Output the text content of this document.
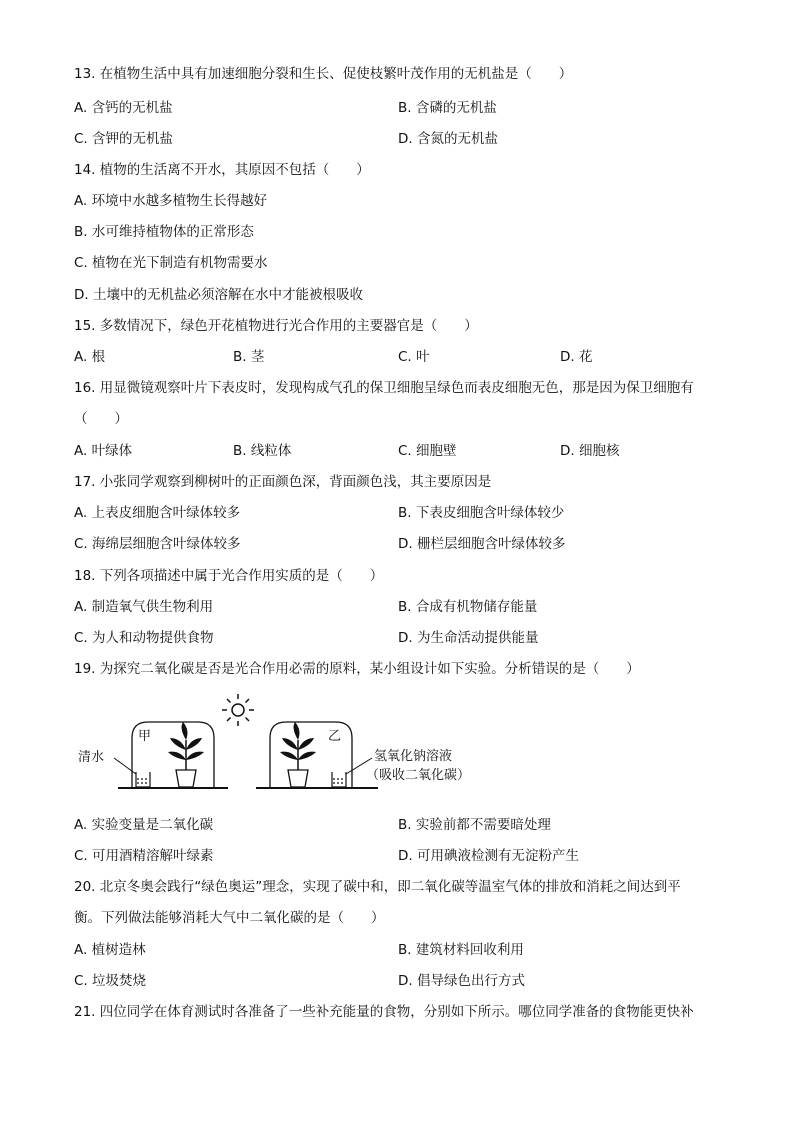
13. 在植物生活中具有加速细胞分裂和生长、促使枝繁叶茂作用的无机盐是（　　）
A. 含钙的无机盐	B. 含磷的无机盐
C. 含钾的无机盐	D. 含氮的无机盐
14. 植物的生活离不开水，其原因不包括（　　）
A. 环境中水越多植物生长得越好
B. 水可维持植物体的正常形态
C. 植物在光下制造有机物需要水
D. 土壤中的无机盐必须溶解在水中才能被根吸收
15. 多数情况下，绿色开花植物进行光合作用的主要器官是（　　）
A. 根	B. 茎	C. 叶	D. 花
16. 用显微镜观察叶片下表皮时，发现构成气孔的保卫细胞呈绿色而表皮细胞无色，那是因为保卫细胞有
（　　）
A. 叶绿体	B. 线粒体	C. 细胞壁	D. 细胞核
17. 小张同学观察到柳树叶的正面颜色深，背面颜色浅，其主要原因是
A. 上表皮细胞含叶绿体较多	B. 下表皮细胞含叶绿体较少
C. 海绵层细胞含叶绿体较多	D. 栅栏层细胞含叶绿体较多
18. 下列各项描述中属于光合作用实质的是（　　）
A. 制造氧气供生物利用	B. 合成有机物储存能量
C. 为人和动物提供食物	D. 为生命活动提供能量
19. 为探究二氧化碳是否是光合作用必需的原料，某小组设计如下实验。分析错误的是（　　）
甲
清水
乙
氢氧化钠溶液
（吸收二氧化碳）
A. 实验变量是二氧化碳	B. 实验前都不需要暗处理
C. 可用酒精溶解叶绿素	D. 可用碘液检测有无淀粉产生
20. 北京冬奥会践行“绿色奥运”理念，实现了碳中和，即二氧化碳等温室气体的排放和消耗之间达到平
衡。下列做法能够消耗大气中二氧化碳的是（　　）
A. 植树造林	B. 建筑材料回收利用
C. 垃圾焚烧	D. 倡导绿色出行方式
21. 四位同学在体育测试时各准备了一些补充能量的食物，分别如下所示。哪位同学准备的食物能更快补
